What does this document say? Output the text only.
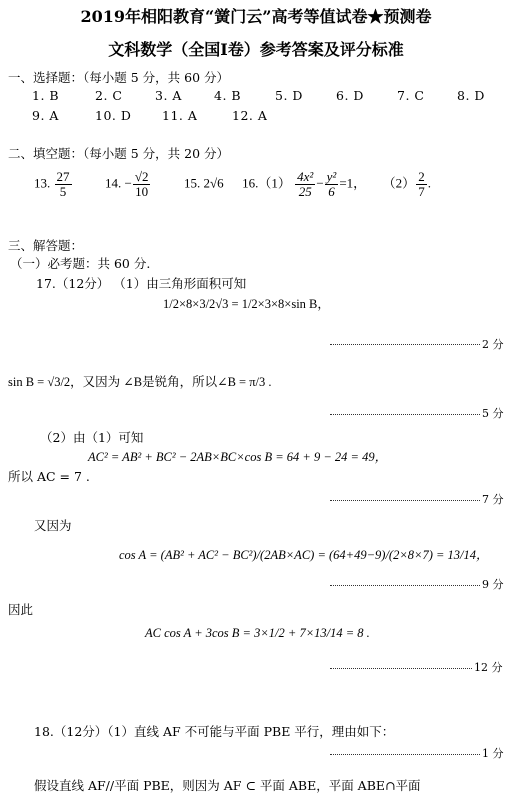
2019年相阳教育“黉门云”高考等值试卷★预测卷
文科数学（全国Ⅰ卷）参考答案及评分标准
一、选择题：（每小题 5 分，共 60 分）
1. B	2. C	3. A	4. B	5. D	6. D	7. C	8. D
9. A	10. D 11. A	12. A
二、填空题：（每小题 5 分，共 20 分）
13. $\frac{27}{5}$	14. − $\frac{√2}{10}$	15. 2√6 $16.(1) \frac{\text{4x²}}{25} - \frac{\text{y²}}{6} =1$， $(2) \frac{2}{7}$ .
三、解答题：
（一）必考题：共 60 分.
17.（12分） （1）由三角形面积可知
1/2×8×3/2√3 = 1/2×3×8×sin B，
2 分
sin B = √3/2，又因为 ∠B是锐角，所以∠B = π/3 .
5 分
（2）由（1）可知
AC² = AB² + BC² − 2AB×BC×cos B = 64 + 9 − 24 = 49，
所以 AC = 7 .
7 分
又因为
cos A = (AB² + AC² − BC²)/(2AB×AC) = (64+49−9)/(2×8×7) = 13/14，
9 分
因此
AC cos A + 3cos B = 3×1/2 + 7×13/14 = 8 .
12 分
18.（12分）（1）直线 AF 不可能与平面 PBE 平行，理由如下：
1 分
假设直线 AF//平面 PBE，则因为 AF ⊂ 平面 ABE，平面 ABE∩平面
